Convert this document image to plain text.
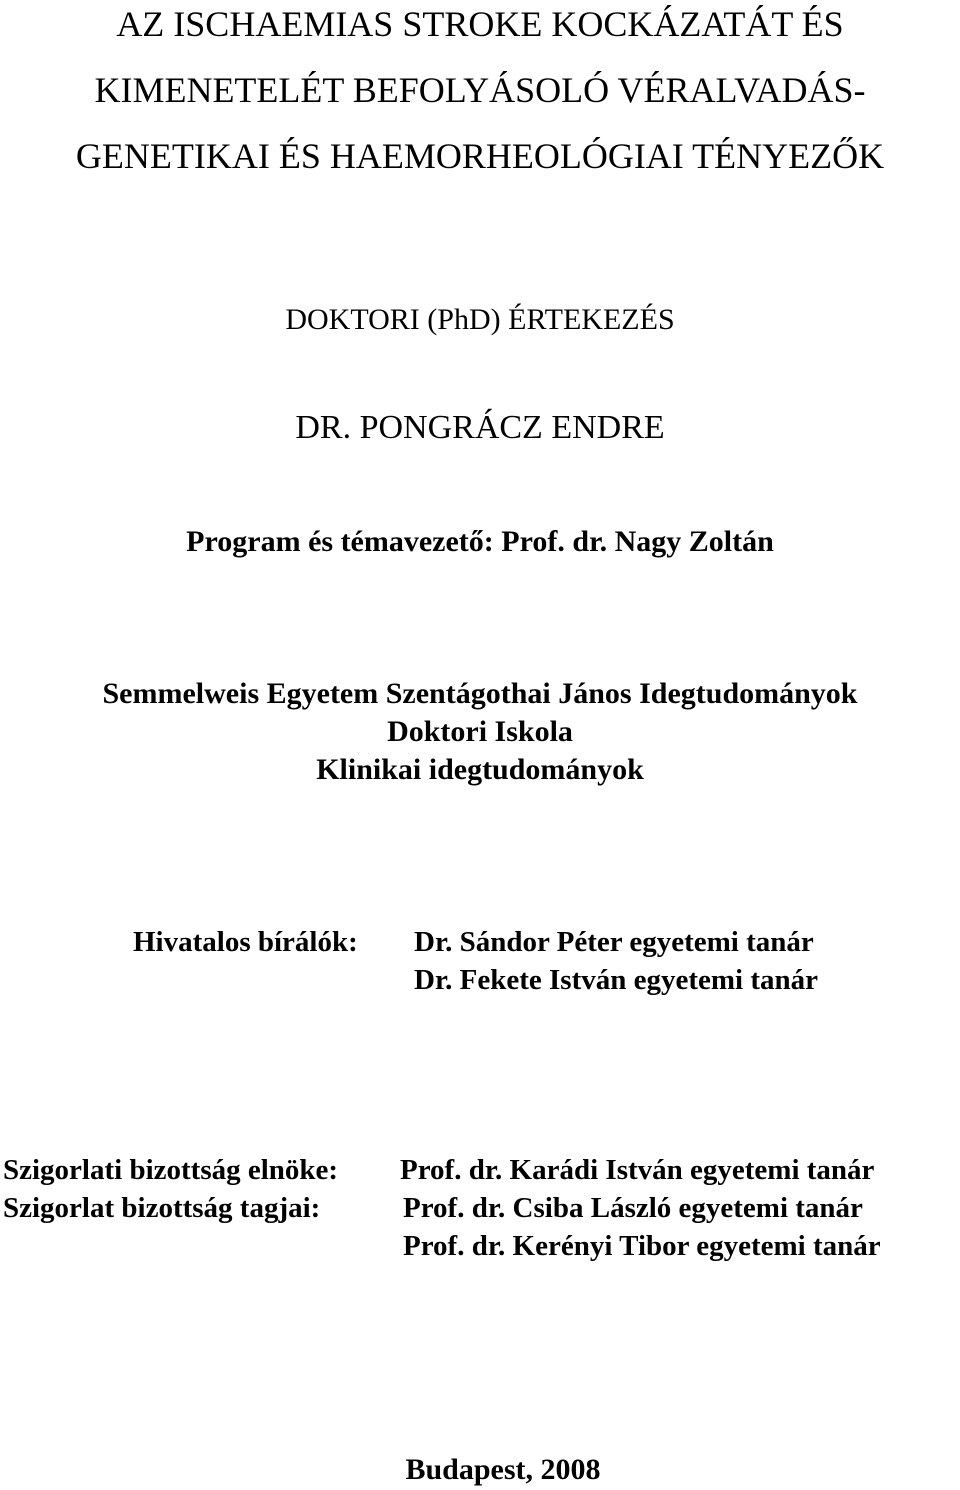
AZ ISCHAEMIAS STROKE KOCKÁZATÁT ÉS
KIMENETELÉT BEFOLYÁSOLÓ VÉRALVADÁS-
GENETIKAI ÉS HAEMORHEOLÓGIAI TÉNYEZŐK
DOKTORI (PhD) ÉRTEKEZÉS
DR. PONGRÁCZ ENDRE
Program és témavezető: Prof. dr. Nagy Zoltán
Semmelweis Egyetem Szentágothai János Idegtudományok
Doktori Iskola
Klinikai idegtudományok
Hivatalos bírálók: Dr. Sándor Péter egyetemi tanár
Dr. Fekete István egyetemi tanár
Szigorlati bizottság elnöke: Prof. dr. Karádi István egyetemi tanár
Szigorlat bizottság tagjai:	Prof. dr. Csiba László egyetemi tanár
Prof. dr. Kerényi Tibor egyetemi tanár
Budapest, 2008
